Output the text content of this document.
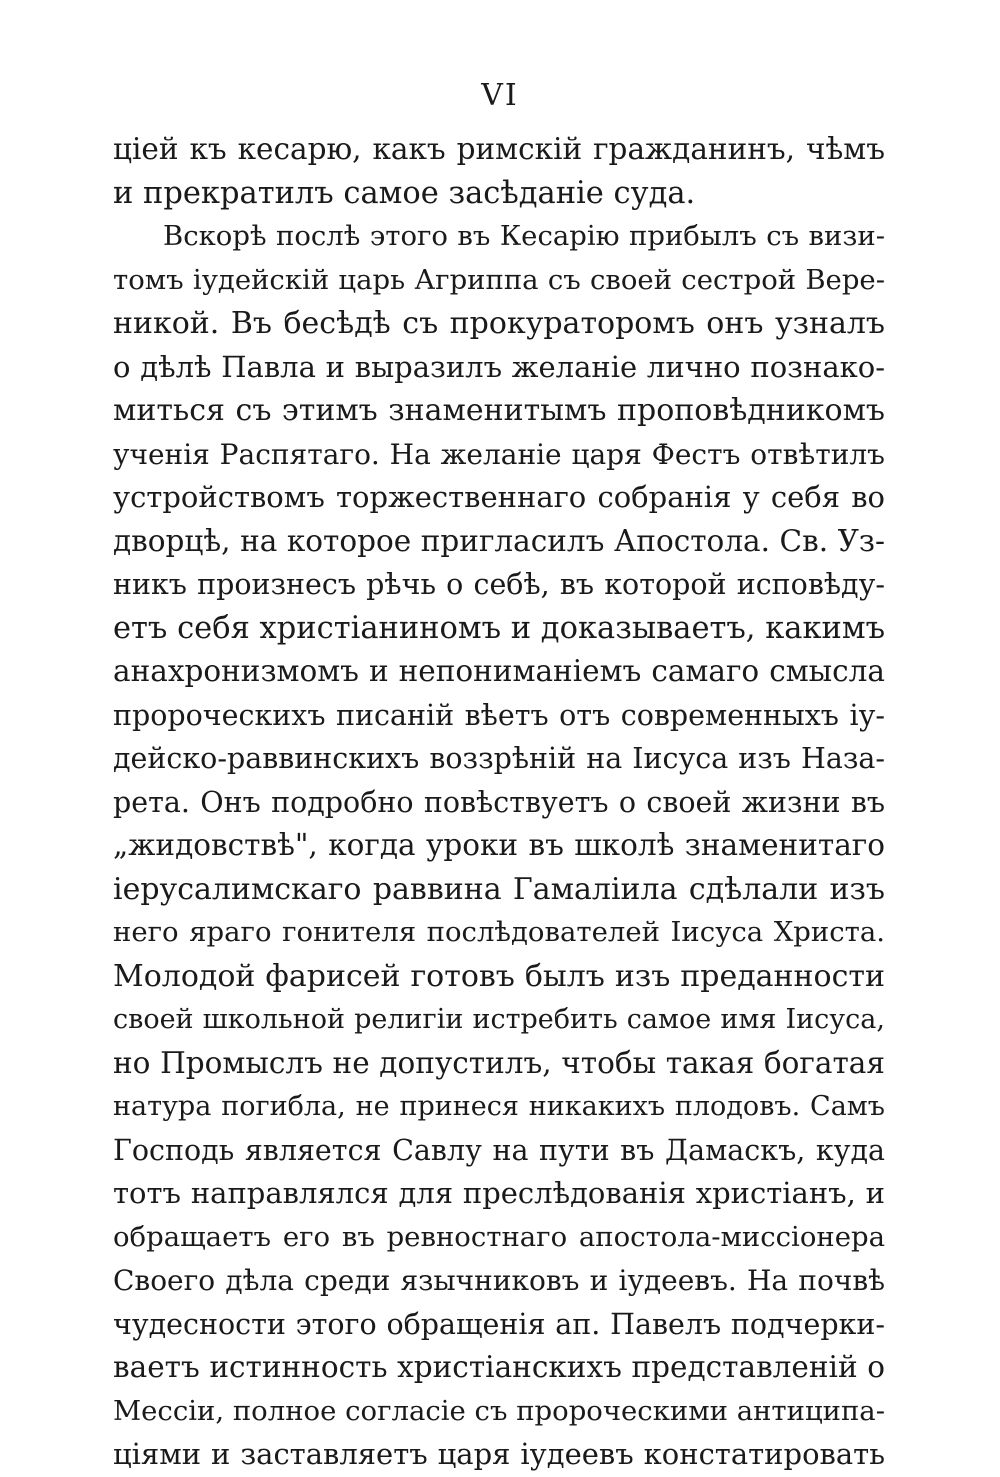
VI
цiей къ кесарю, какъ римскiй гражданинъ, чѣмъ
и прекратилъ самое засѣданiе суда.
Вскорѣ послѣ этого въ Кесарiю прибылъ съ визи-
томъ iудейскiй царь Агриппа съ своей сестрой Верe-
никой. Въ бесѣдѣ съ прокураторомъ онъ узналъ
о дѣлѣ Павла и выразилъ желанiе лично познако-
миться съ этимъ знаменитымъ проповѣдникомъ
ученiя Распятаго. На желанiе царя Фестъ отвѣтилъ
устройствомъ торжественнаго собранiя у себя во
дворцѣ, на которое пригласилъ Апостола. Св. Уз-
никъ произнесъ рѣчь о себѣ, въ которой исповѣду-
етъ себя христiаниномъ и доказываетъ, какимъ
анахронизмомъ и непониманiемъ самаго смысла
пророческихъ писанiй вѣетъ отъ современныхъ iу-
дейско-раввинскихъ воззрѣнiй на Iисуса изъ Наза-
рета. Онъ подробно повѣствуетъ о своей жизни въ
„жидовствѣ", когда уроки въ школѣ знаменитаго
iерусалимскаго раввина Гамалiила сдѣлали изъ
него яраго гонителя послѣдователей Iисуса Христа.
Молодой фарисей готовъ былъ изъ преданности
своей школьной религiи истребить самое имя Iисуса,
но Промыслъ не допустилъ, чтобы такая богатая
натура погибла, не принеся никакихъ плодовъ. Самъ
Господь является Савлу на пути въ Дамаскъ, куда
тотъ направлялся для преслѣдованiя христiанъ, и
обращаетъ его въ ревностнаго апостола-миссiонера
Своего дѣла среди язычниковъ и iудеевъ. На почвѣ
чудесности этого обращенiя ап. Павелъ подчерки-
ваетъ истинность христiанскихъ представленiй о
Мессiи, полное согласiе съ пророческими антиципа-
цiями и заставляетъ царя iудеевъ констатировать
